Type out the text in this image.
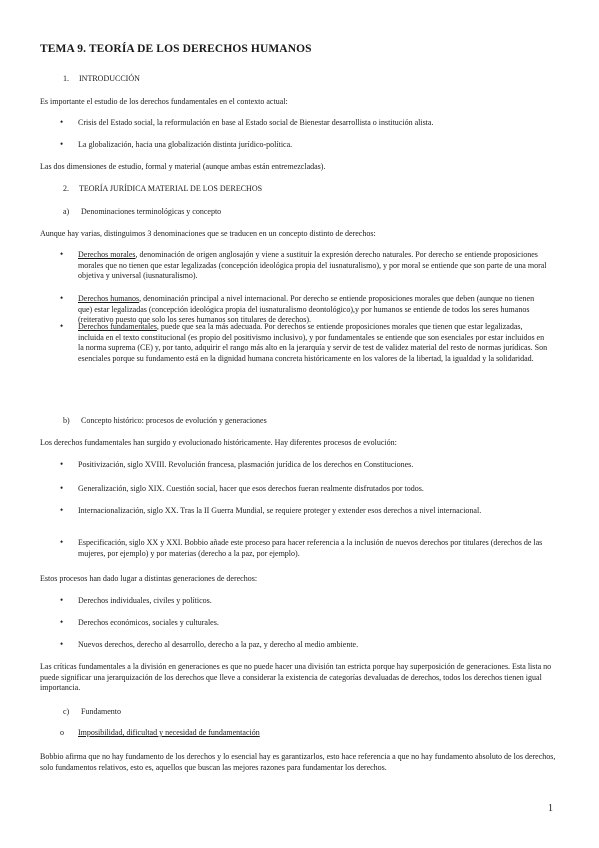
TEMA 9. TEORÍA DE LOS DERECHOS HUMANOS
1. INTRODUCCIÓN
Es importante el estudio de los derechos fundamentales en el contexto actual:
• Crisis del Estado social, la reformulación en base al Estado social de Bienestar desarrollista o institución alista.
• La globalización, hacia una globalización distinta jurídico-política.
Las dos dimensiones de estudio, formal y material (aunque ambas están entremezcladas).
2. TEORÍA JURÍDICA MATERIAL DE LOS DERECHOS
a) Denominaciones terminológicas y concepto
Aunque hay varias, distinguimos 3 denominaciones que se traducen en un concepto distinto de derechos:
• Derechos morales, denominación de origen anglosajón y viene a sustituir la expresión derecho naturales. Por derecho se entiende proposiciones morales que no tienen que estar legalizadas (concepción ideológica propia del iusnaturalismo), y por moral se entiende que son parte de una moral objetiva y universal (iusnaturalismo).
• Derechos humanos, denominación principal a nivel internacional. Por derecho se entiende proposiciones morales que deben (aunque no tienen que) estar legalizadas (concepción ideológica propia del iusnaturalismo deontológico),y por humanos se entiende de todos los seres humanos (reiterativo puesto que solo los seres humanos son titulares de derechos).
• Derechos fundamentales, puede que sea la más adecuada. Por derechos se entiende proposiciones morales que tienen que estar legalizadas, incluida en el texto constitucional (es propio del positivismo inclusivo), y por fundamentales se entiende que son esenciales por estar incluidos en la norma suprema (CE) y, por tanto, adquirir el rango más alto en la jerarquía y servir de test de validez material del resto de normas jurídicas. Son esenciales porque su fundamento está en la dignidad humana concreta históricamente en los valores de la libertad, la igualdad y la solidaridad.
b) Concepto histórico: procesos de evolución y generaciones
Los derechos fundamentales han surgido y evolucionado históricamente. Hay diferentes procesos de evolución:
• Positivización, siglo XVIII. Revolución francesa, plasmación jurídica de los derechos en Constituciones.
• Generalización, siglo XIX. Cuestión social, hacer que esos derechos fueran realmente disfrutados por todos.
• Internacionalización, siglo XX. Tras la II Guerra Mundial, se requiere proteger y extender esos derechos a nivel internacional.
• Especificación, siglo XX y XXI. Bobbio añade este proceso para hacer referencia a la inclusión de nuevos derechos por titulares (derechos de las mujeres, por ejemplo) y por materias (derecho a la paz, por ejemplo).
Estos procesos han dado lugar a distintas generaciones de derechos:
• Derechos individuales, civiles y políticos.
• Derechos económicos, sociales y culturales.
• Nuevos derechos, derecho al desarrollo, derecho a la paz, y derecho al medio ambiente.
Las críticas fundamentales a la división en generaciones es que no puede hacer una división tan estricta porque hay superposición de generaciones. Esta lista no puede significar una jerarquización de los derechos que lleve a considerar la existencia de categorías devaluadas de derechos, todos los derechos tienen igual importancia.
c) Fundamento
o Imposibilidad, dificultad y necesidad de fundamentación
Bobbio afirma que no hay fundamento de los derechos y lo esencial hay es garantizarlos, esto hace referencia a que no hay fundamento absoluto de los derechos, solo fundamentos relativos, esto es, aquellos que buscan las mejores razones para fundamentar los derechos.
1
